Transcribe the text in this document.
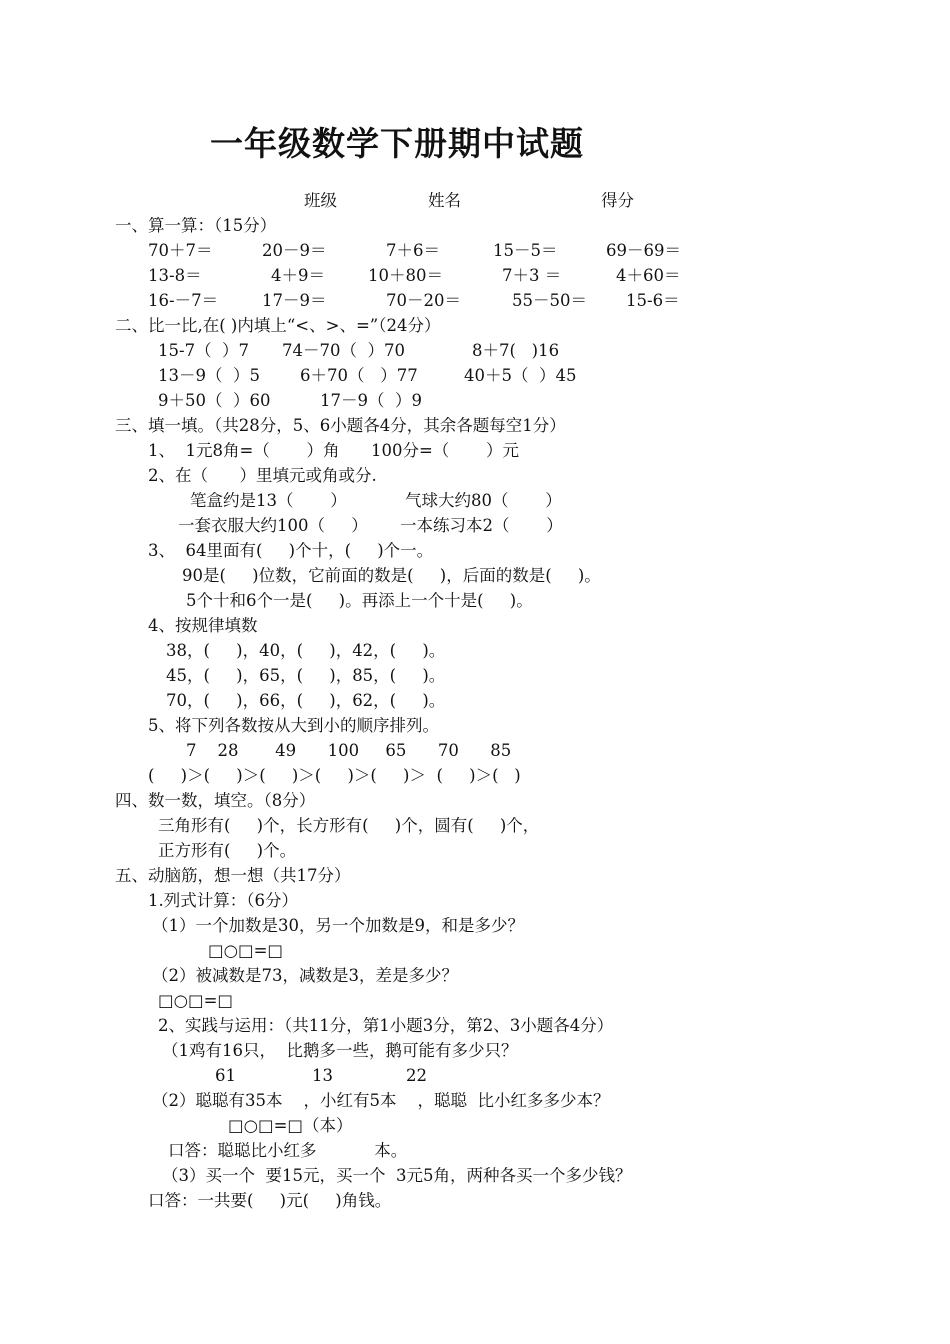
一年级数学下册期中试题
班级	姓名	得分
一、算一算：（15分）
70＋7＝	20－9＝	7＋6＝	15－5＝	69－69＝
13-8＝	4＋9＝	10＋80＝	7＋3 ＝	4＋60＝
16-－7＝	17－9＝	70－20＝	55－50＝ 15-6＝
二、比一比,在( )内填上“<、>、=”（24分）
15-7（  ）7 74－70（  ）70	8＋7(   )16
13－9（  ）5 6＋70（   ）77	40＋5（  ）45
9＋50（  ）60	17－9（  ）9
三、填一填。（共28分，5、6小题各4分，其余各题每空1分）
1、  1元8角=（       ）角      100分=（       ）元
2、在（      ）里填元或角或分.
笔盒约是13（       ）	气球大约80（       ）
一套衣服大约100（     ） 一本练习本2（       ）
3、  64里面有(     )个十，(     )个一。
90是(     )位数，它前面的数是(     )，后面的数是(     )。
5个十和6个一是(     )。再添上一个十是(     )。
4、按规律填数
38，(     )，40，(     )，42，(     )。
45，(     )，65，(     )，85，(     )。
70，(     )，66，(     )，62，(     )。
5、将下列各数按从大到小的顺序排列。
7    28       49      100     65      70      85
(     )＞(     )＞(     )＞(     )＞(     )＞  (     )＞(   )
四、数一数，填空。（8分）
三角形有(     )个，长方形有(     )个，圆有(     )个，
正方形有(     )个。
五、动脑筋，想一想（共17分）
1.列式计算：（6分）
（1）一个加数是30，另一个加数是9，和是多少？
□○□=□
（2）被减数是73，减数是3，差是多少？
□○□=□
2、实践与运用：（共11分，第1小题3分，第2、3小题各4分）
（1鸡有16只，  比鹅多一些，鹅可能有多少只？
61	13	22
（2）聪聪有35本    ，小红有5本    ，聪聪  比小红多多少本？
□○□=□（本）
口答：聪聪比小红多           本。
（3）买一个  要15元，买一个  3元5角，两种各买一个多少钱？
口答：一共要(     )元(     )角钱。
